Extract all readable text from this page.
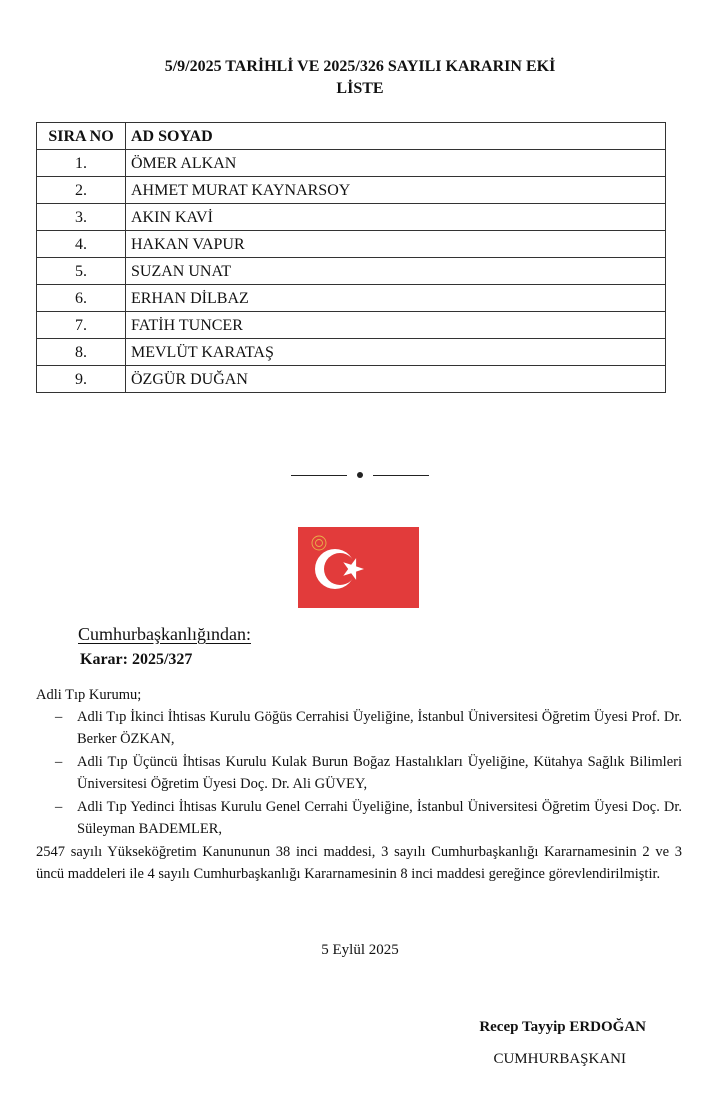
5/9/2025 TARİHLİ VE 2025/326 SAYILI KARARIN EKİ
LİSTE
SIRA NO	AD SOYAD
1.	ÖMER ALKAN
2.	AHMET MURAT KAYNARSOY
3.	AKIN KAVİ
4.	HAKAN VAPUR
5.	SUZAN UNAT
6.	ERHAN DİLBAZ
7.	FATİH TUNCER
8.	MEVLÜT KARATAŞ
9.	ÖZGÜR DUĞAN
Cumhurbaşkanlığından:
Karar: 2025/327

Adli Tıp Kurumu;

– Adli Tıp İkinci İhtisas Kurulu Göğüs Cerrahisi Üyeliğine, İstanbul Üniversitesi Öğretim Üyesi Prof. Dr. Berker ÖZKAN,
– Adli Tıp Üçüncü İhtisas Kurulu Kulak Burun Boğaz Hastalıkları Üyeliğine, Kütahya Sağlık Bilimleri Üniversitesi Öğretim Üyesi Doç. Dr. Ali GÜVEY,
– Adli Tıp Yedinci İhtisas Kurulu Genel Cerrahi Üyeliğine, İstanbul Üniversitesi Öğretim Üyesi Doç. Dr. Süleyman BADEMLER,

2547 sayılı Yükseköğretim Kanununun 38 inci maddesi, 3 sayılı Cumhurbaşkanlığı Kararnamesinin 2 ve 3 üncü maddeleri ile 4 sayılı Cumhurbaşkanlığı Kararnamesinin 8 inci maddesi gereğince görevlendirilmiştir.

5 Eylül 2025
Recep Tayyip ERDOĞAN
CUMHURBAŞKANI
